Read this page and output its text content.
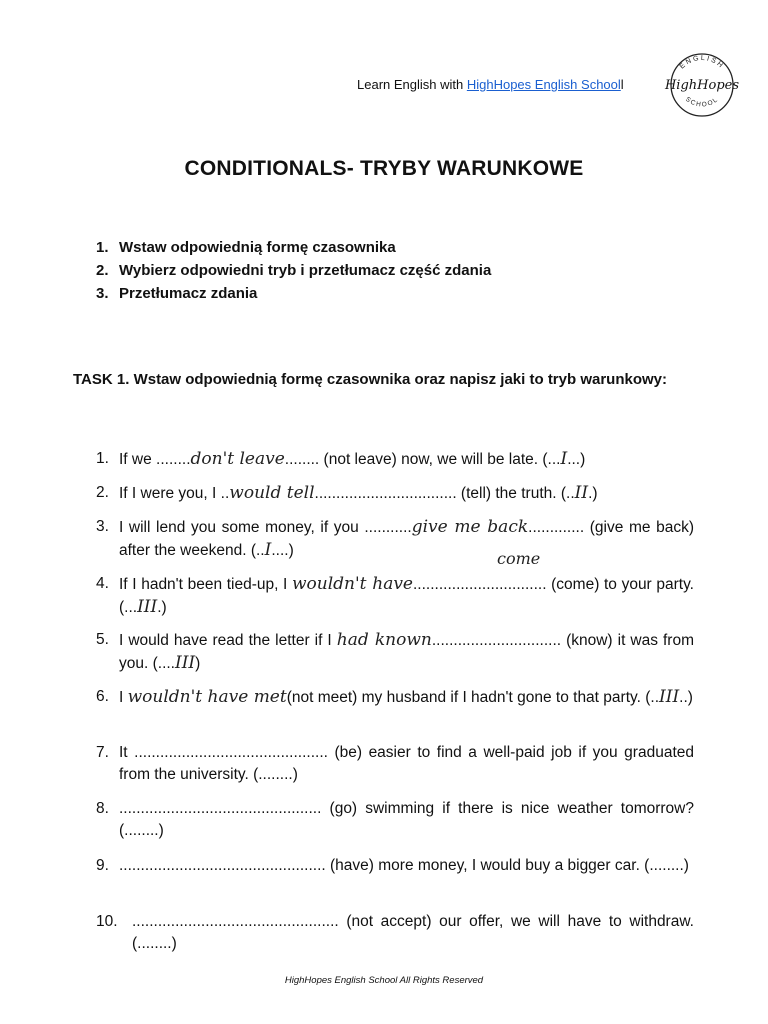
Learn English with HighHopes English Schooll
ENGLISH
HighHopes
SCHOOL
CONDITIONALS- TRYBY WARUNKOWE
1. Wstaw odpowiednią formę czasownika
2. Wybierz odpowiedni tryb i przetłumacz część zdania
3. Przetłumacz zdania
TASK 1. Wstaw odpowiednią formę czasownika oraz napisz jaki to tryb warunkowy:
1. If we ........don't leave........ (not leave) now, we will be late. (...I...)
2. If I were you, I ..would tell................................. (tell) the truth. (..II.)
3. I will lend you some money, if you ...........give me back............. (give me back) after the weekend. (..I....)	come
4. If I hadn't been tied-up, I wouldn't have............................... (come) to your party. (...III.)
5. I would have read the letter if I had known.............................. (know) it was from you. (....III)
6. I wouldn't have met(not meet) my husband if I hadn't gone to that party. (..III..)
7. It ............................................. (be) easier to find a well-paid job if you graduated from the university. (........)
8. ............................................... (go) swimming if there is nice weather tomorrow? (........)
9. ................................................ (have) more money, I would buy a bigger car. (........)
10. ................................................ (not accept) our offer, we will have to withdraw. (........)
HighHopes English School All Rights Reserved
